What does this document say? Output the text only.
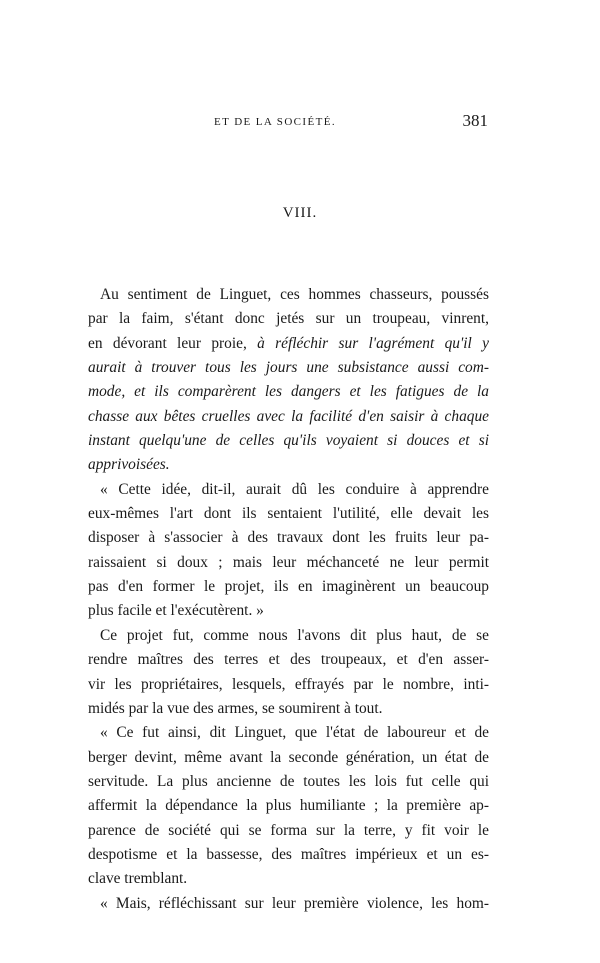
ET DE LA SOCIÉTÉ.	381
VIII.
Au sentiment de Linguet, ces hommes chasseurs, poussés
par la faim, s'étant donc jetés sur un troupeau, vinrent,
en dévorant leur proie, à réfléchir sur l'agrément qu'il y
aurait à trouver tous les jours une subsistance aussi com-
mode, et ils comparèrent les dangers et les fatigues de la
chasse aux bêtes cruelles avec la facilité d'en saisir à chaque
instant quelqu'une de celles qu'ils voyaient si douces et si
apprivoisées.
« Cette idée, dit-il, aurait dû les conduire à apprendre
eux-mêmes l'art dont ils sentaient l'utilité, elle devait les
disposer à s'associer à des travaux dont les fruits leur pa-
raissaient si doux ; mais leur méchanceté ne leur permit
pas d'en former le projet, ils en imaginèrent un beaucoup
plus facile et l'exécutèrent. »
Ce projet fut, comme nous l'avons dit plus haut, de se
rendre maîtres des terres et des troupeaux, et d'en asser-
vir les propriétaires, lesquels, effrayés par le nombre, inti-
midés par la vue des armes, se soumirent à tout.
« Ce fut ainsi, dit Linguet, que l'état de laboureur et de
berger devint, même avant la seconde génération, un état de
servitude. La plus ancienne de toutes les lois fut celle qui
affermit la dépendance la plus humiliante ; la première ap-
parence de société qui se forma sur la terre, y fit voir le
despotisme et la bassesse, des maîtres impérieux et un es-
clave tremblant.
« Mais, réfléchissant sur leur première violence, les hom-
